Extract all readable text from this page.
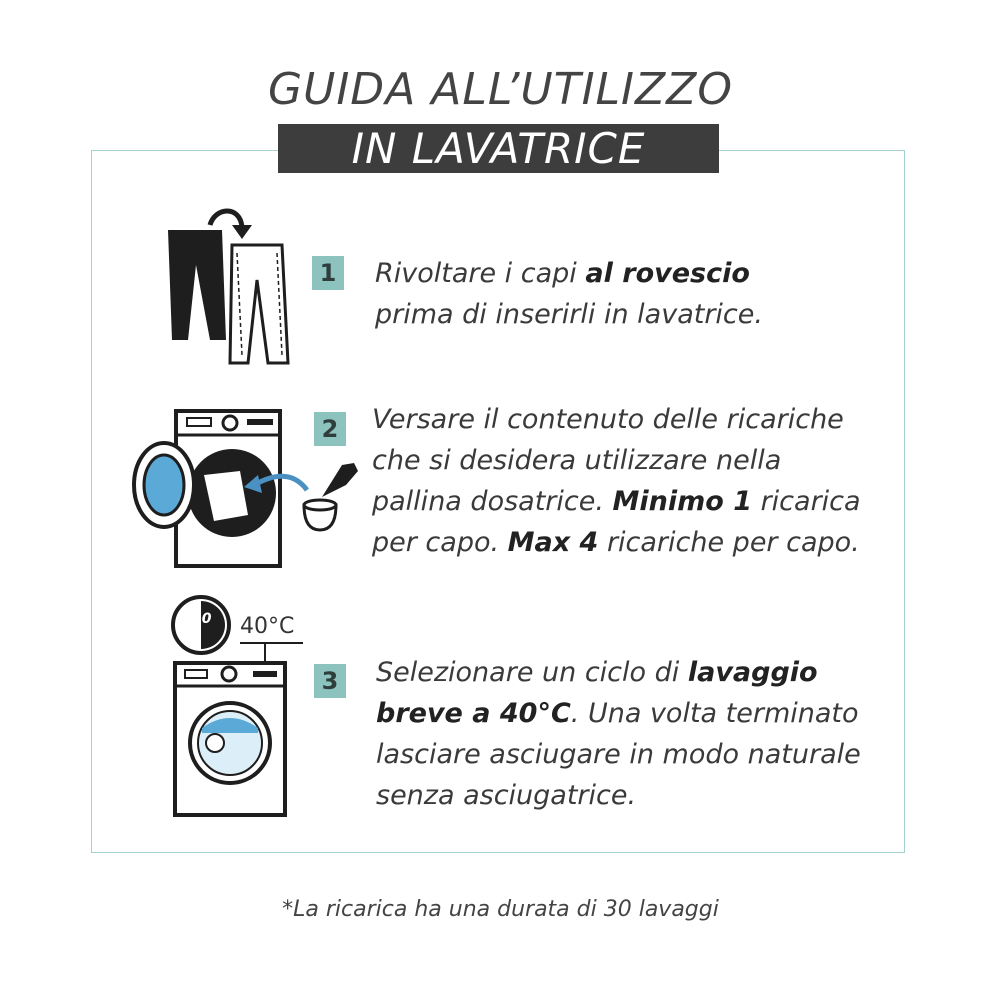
GUIDA ALL’UTILIZZO
IN LAVATRICE
1 Rivoltare i capi al rovescio
prima di inserirli in lavatrice.
2 Versare il contenuto delle ricariche
che si desidera utilizzare nella
pallina dosatrice. Minimo 1 ricarica
per capo. Max 4 ricariche per capo.
20 40°C
3 Selezionare un ciclo di lavaggio
breve a 40°C. Una volta terminato
lasciare asciugare in modo naturale
senza asciugatrice.
*La ricarica ha una durata di 30 lavaggi
